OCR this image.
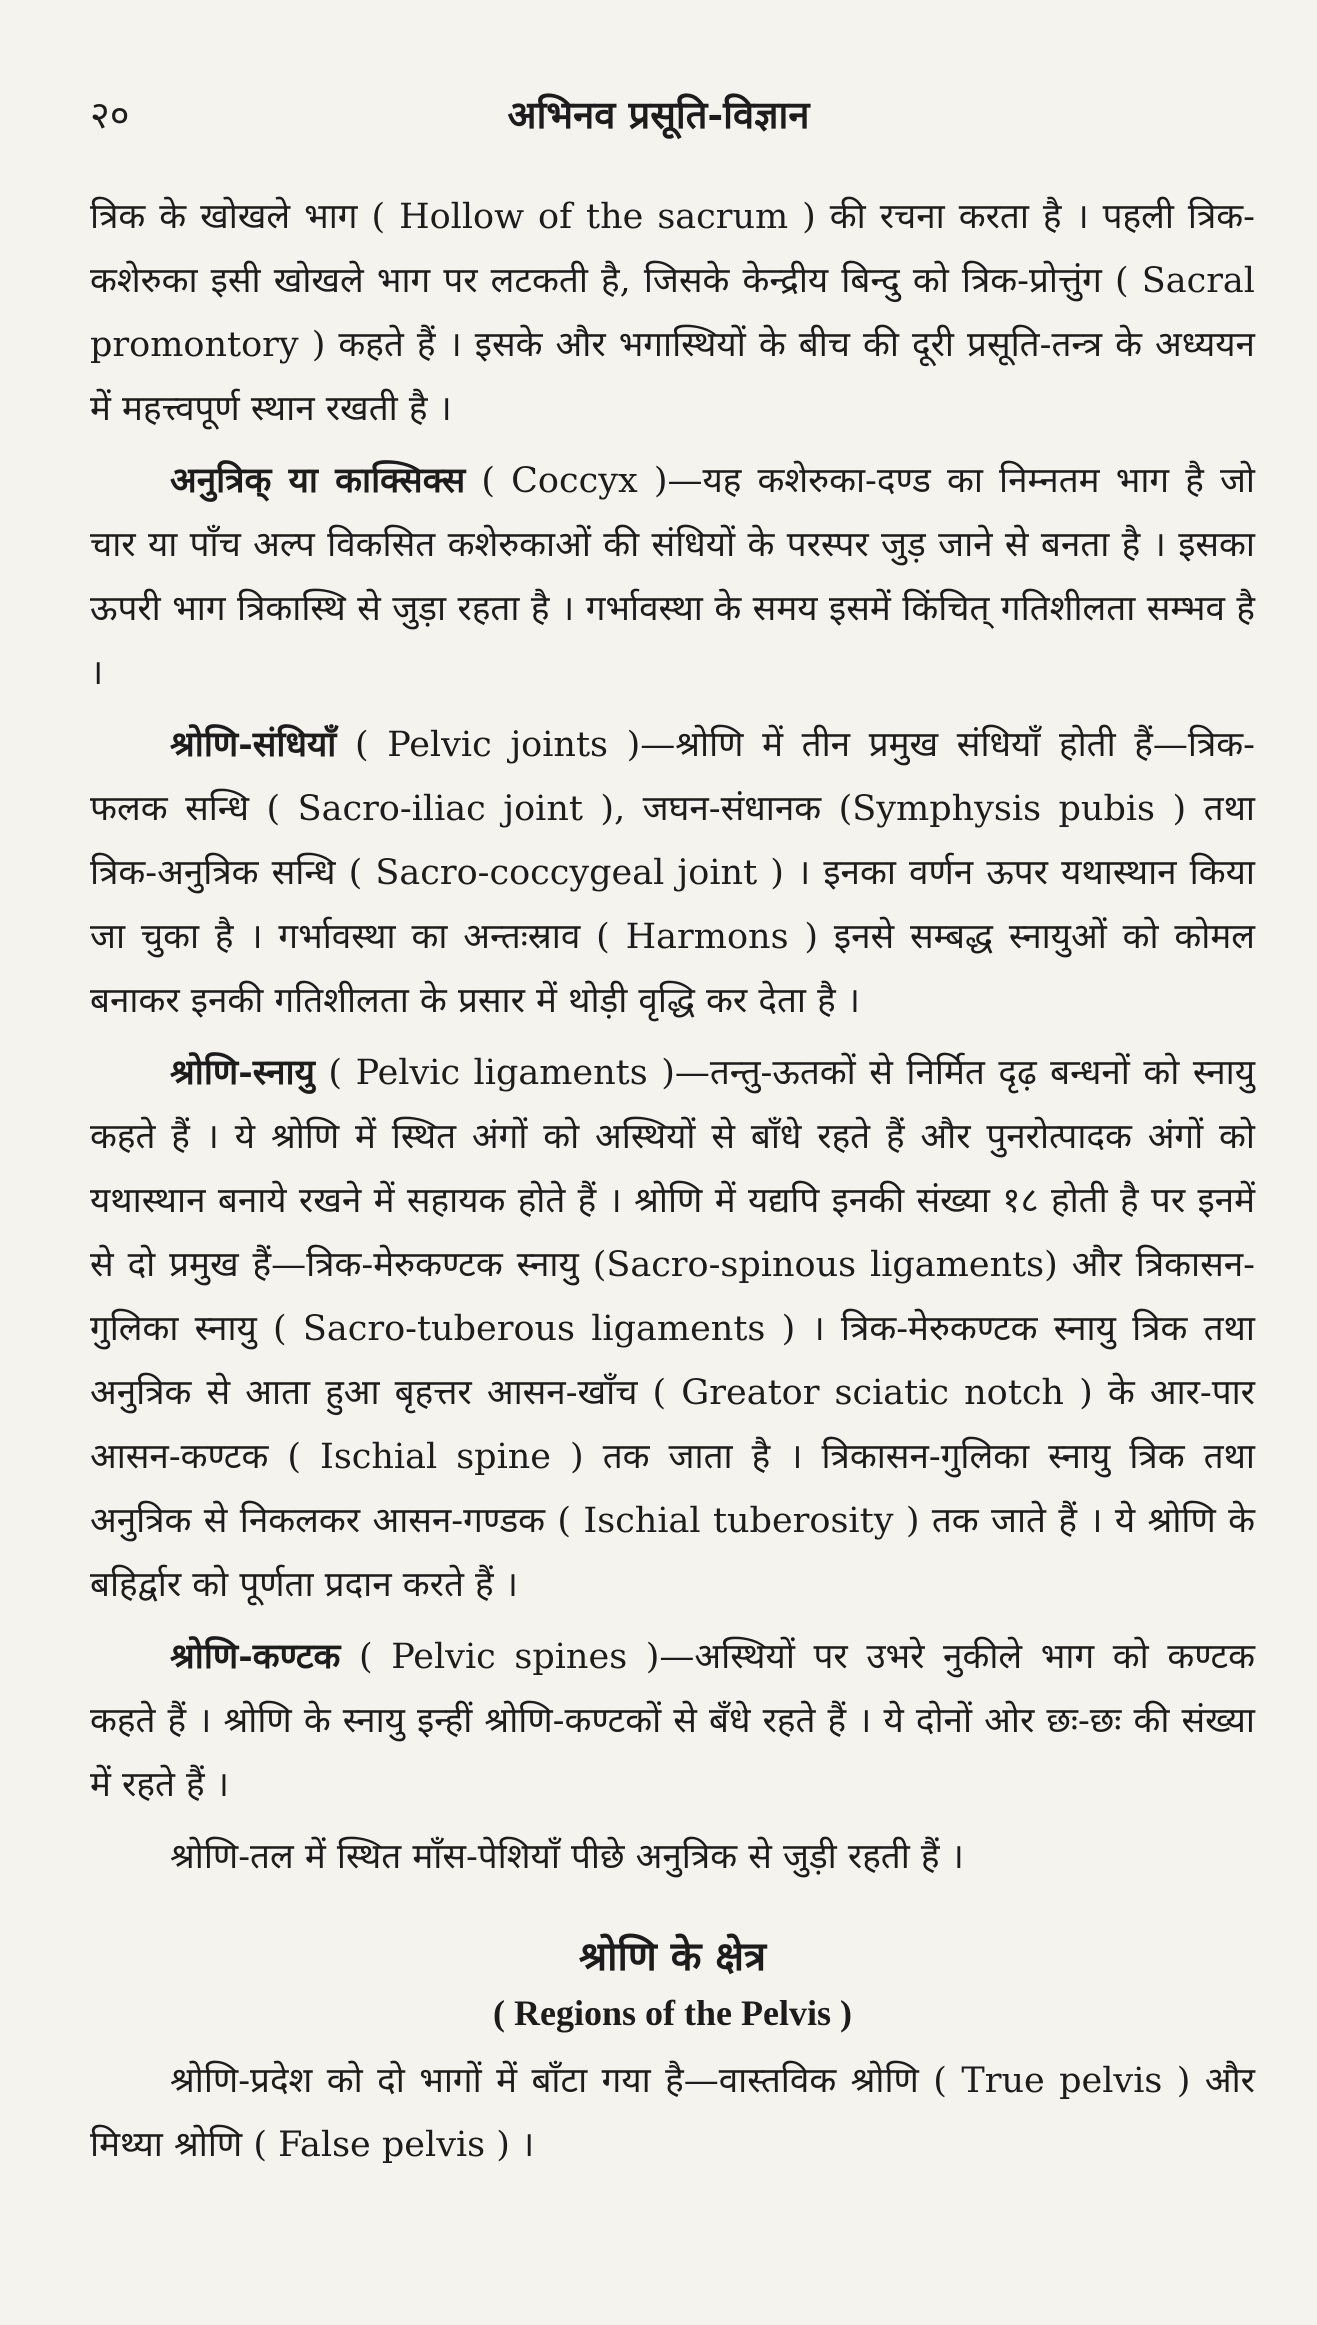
२०	अभिनव प्रसूति-विज्ञान

त्रिक के खोखले भाग ( Hollow of the sacrum ) की रचना करता है । पहली त्रिक-कशेरुका इसी खोखले भाग पर लटकती है, जिसके केन्द्रीय बिन्दु को त्रिक-प्रोत्तुंग ( Sacral promontory ) कहते हैं । इसके और भगास्थियों के बीच की दूरी प्रसूति-तन्त्र के अध्ययन में महत्त्वपूर्ण स्थान रखती है ।

अनुत्रिक् या काक्सिक्स ( Coccyx )—यह कशेरुका-दण्ड का निम्नतम भाग है जो चार या पाँच अल्प विकसित कशेरुकाओं की संधियों के परस्पर जुड़ जाने से बनता है । इसका ऊपरी भाग त्रिकास्थि से जुड़ा रहता है । गर्भावस्था के समय इसमें किंचित् गतिशीलता सम्भव है ।

श्रोणि-संधियाँ ( Pelvic joints )—श्रोणि में तीन प्रमुख संधियाँ होती हैं—त्रिक-फलक सन्धि ( Sacro-iliac joint ), जघन-संधानक (Symphysis pubis ) तथा त्रिक-अनुत्रिक सन्धि ( Sacro-coccygeal joint ) । इनका वर्णन ऊपर यथास्थान किया जा चुका है । गर्भावस्था का अन्तःस्राव ( Harmons ) इनसे सम्बद्ध स्नायुओं को कोमल बनाकर इनकी गतिशीलता के प्रसार में थोड़ी वृद्धि कर देता है ।

श्रोणि-स्नायु ( Pelvic ligaments )—तन्तु-ऊतकों से निर्मित दृढ़ बन्धनों को स्नायु कहते हैं । ये श्रोणि में स्थित अंगों को अस्थियों से बाँधे रहते हैं और पुनरोत्पादक अंगों को यथास्थान बनाये रखने में सहायक होते हैं । श्रोणि में यद्यपि इनकी संख्या १८ होती है पर इनमें से दो प्रमुख हैं—त्रिक-मेरुकण्टक स्नायु (Sacro-spinous ligaments) और त्रिकासन-गुलिका स्नायु ( Sacro-tuberous ligaments ) । त्रिक-मेरुकण्टक स्नायु त्रिक तथा अनुत्रिक से आता हुआ बृहत्तर आसन-खाँच ( Greator sciatic notch ) के आर-पार आसन-कण्टक ( Ischial spine ) तक जाता है । त्रिकासन-गुलिका स्नायु त्रिक तथा अनुत्रिक से निकलकर आसन-गण्डक ( Ischial tuberosity ) तक जाते हैं । ये श्रोणि के बहिर्द्वार को पूर्णता प्रदान करते हैं ।

श्रोणि-कण्टक ( Pelvic spines )—अस्थियों पर उभरे नुकीले भाग को कण्टक कहते हैं । श्रोणि के स्नायु इन्हीं श्रोणि-कण्टकों से बँधे रहते हैं । ये दोनों ओर छः-छः की संख्या में रहते हैं ।

श्रोणि-तल में स्थित माँस-पेशियाँ पीछे अनुत्रिक से जुड़ी रहती हैं ।

श्रोणि के क्षेत्र
( Regions of the Pelvis )

श्रोणि-प्रदेश को दो भागों में बाँटा गया है—वास्तविक श्रोणि ( True pelvis ) और मिथ्या श्रोणि ( False pelvis ) ।
